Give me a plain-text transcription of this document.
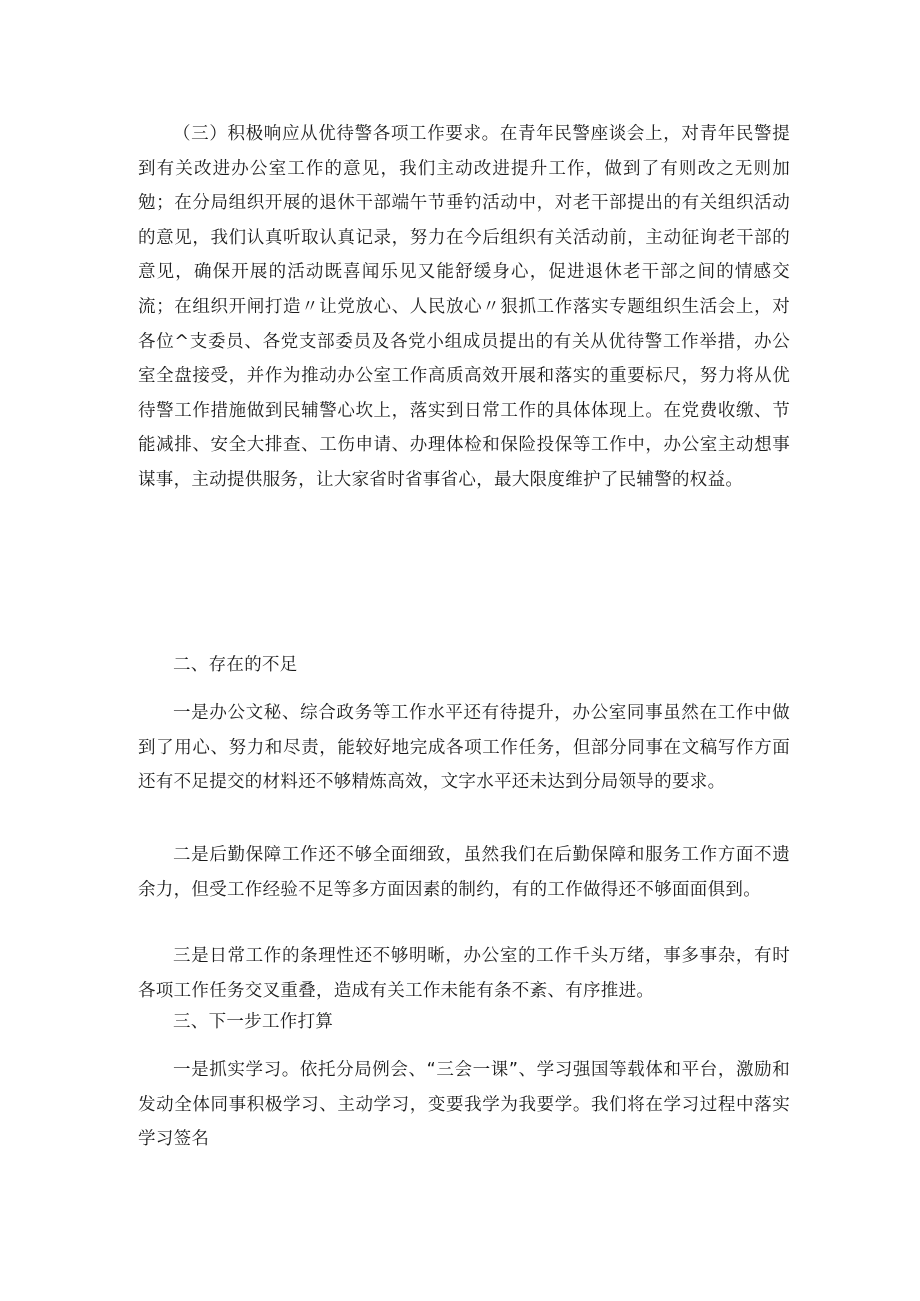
（三）积极响应从优待警各项工作要求。在青年民警座谈会上，对青年民警提到有关改进办公室工作的意见，我们主动改进提升工作，做到了有则改之无则加勉；在分局组织开展的退休干部端午节垂钓活动中，对老干部提出的有关组织活动的意见，我们认真听取认真记录，努力在今后组织有关活动前，主动征询老干部的意见，确保开展的活动既喜闻乐见又能舒缓身心，促进退休老干部之间的情感交流；在组织开闸打造〃让党放心、人民放心〃狠抓工作落实专题组织生活会上，对各位^支委员、各党支部委员及各党小组成员提出的有关从优待警工作举措，办公室全盘接受，并作为推动办公室工作高质高效开展和落实的重要标尺，努力将从优待警工作措施做到民辅警心坎上，落实到日常工作的具体体现上。在党费收缴、节能减排、安全大排查、工伤申请、办理体检和保险投保等工作中，办公室主动想事谋事，主动提供服务，让大家省时省事省心，最大限度维护了民辅警的权益。

二、存在的不足

一是办公文秘、综合政务等工作水平还有待提升，办公室同事虽然在工作中做到了用心、努力和尽责，能较好地完成各项工作任务，但部分同事在文稿写作方面还有不足提交的材料还不够精炼高效，文字水平还未达到分局领导的要求。

二是后勤保障工作还不够全面细致，虽然我们在后勤保障和服务工作方面不遗余力，但受工作经验不足等多方面因素的制约，有的工作做得还不够面面俱到。

三是日常工作的条理性还不够明晰，办公室的工作千头万绪，事多事杂，有时各项工作任务交叉重叠，造成有关工作未能有条不紊、有序推进。

三、下一步工作打算

一是抓实学习。依托分局例会、“三会一课”、学习强国等载体和平台，激励和发动全体同事积极学习、主动学习，变要我学为我要学。我们将在学习过程中落实学习签名
